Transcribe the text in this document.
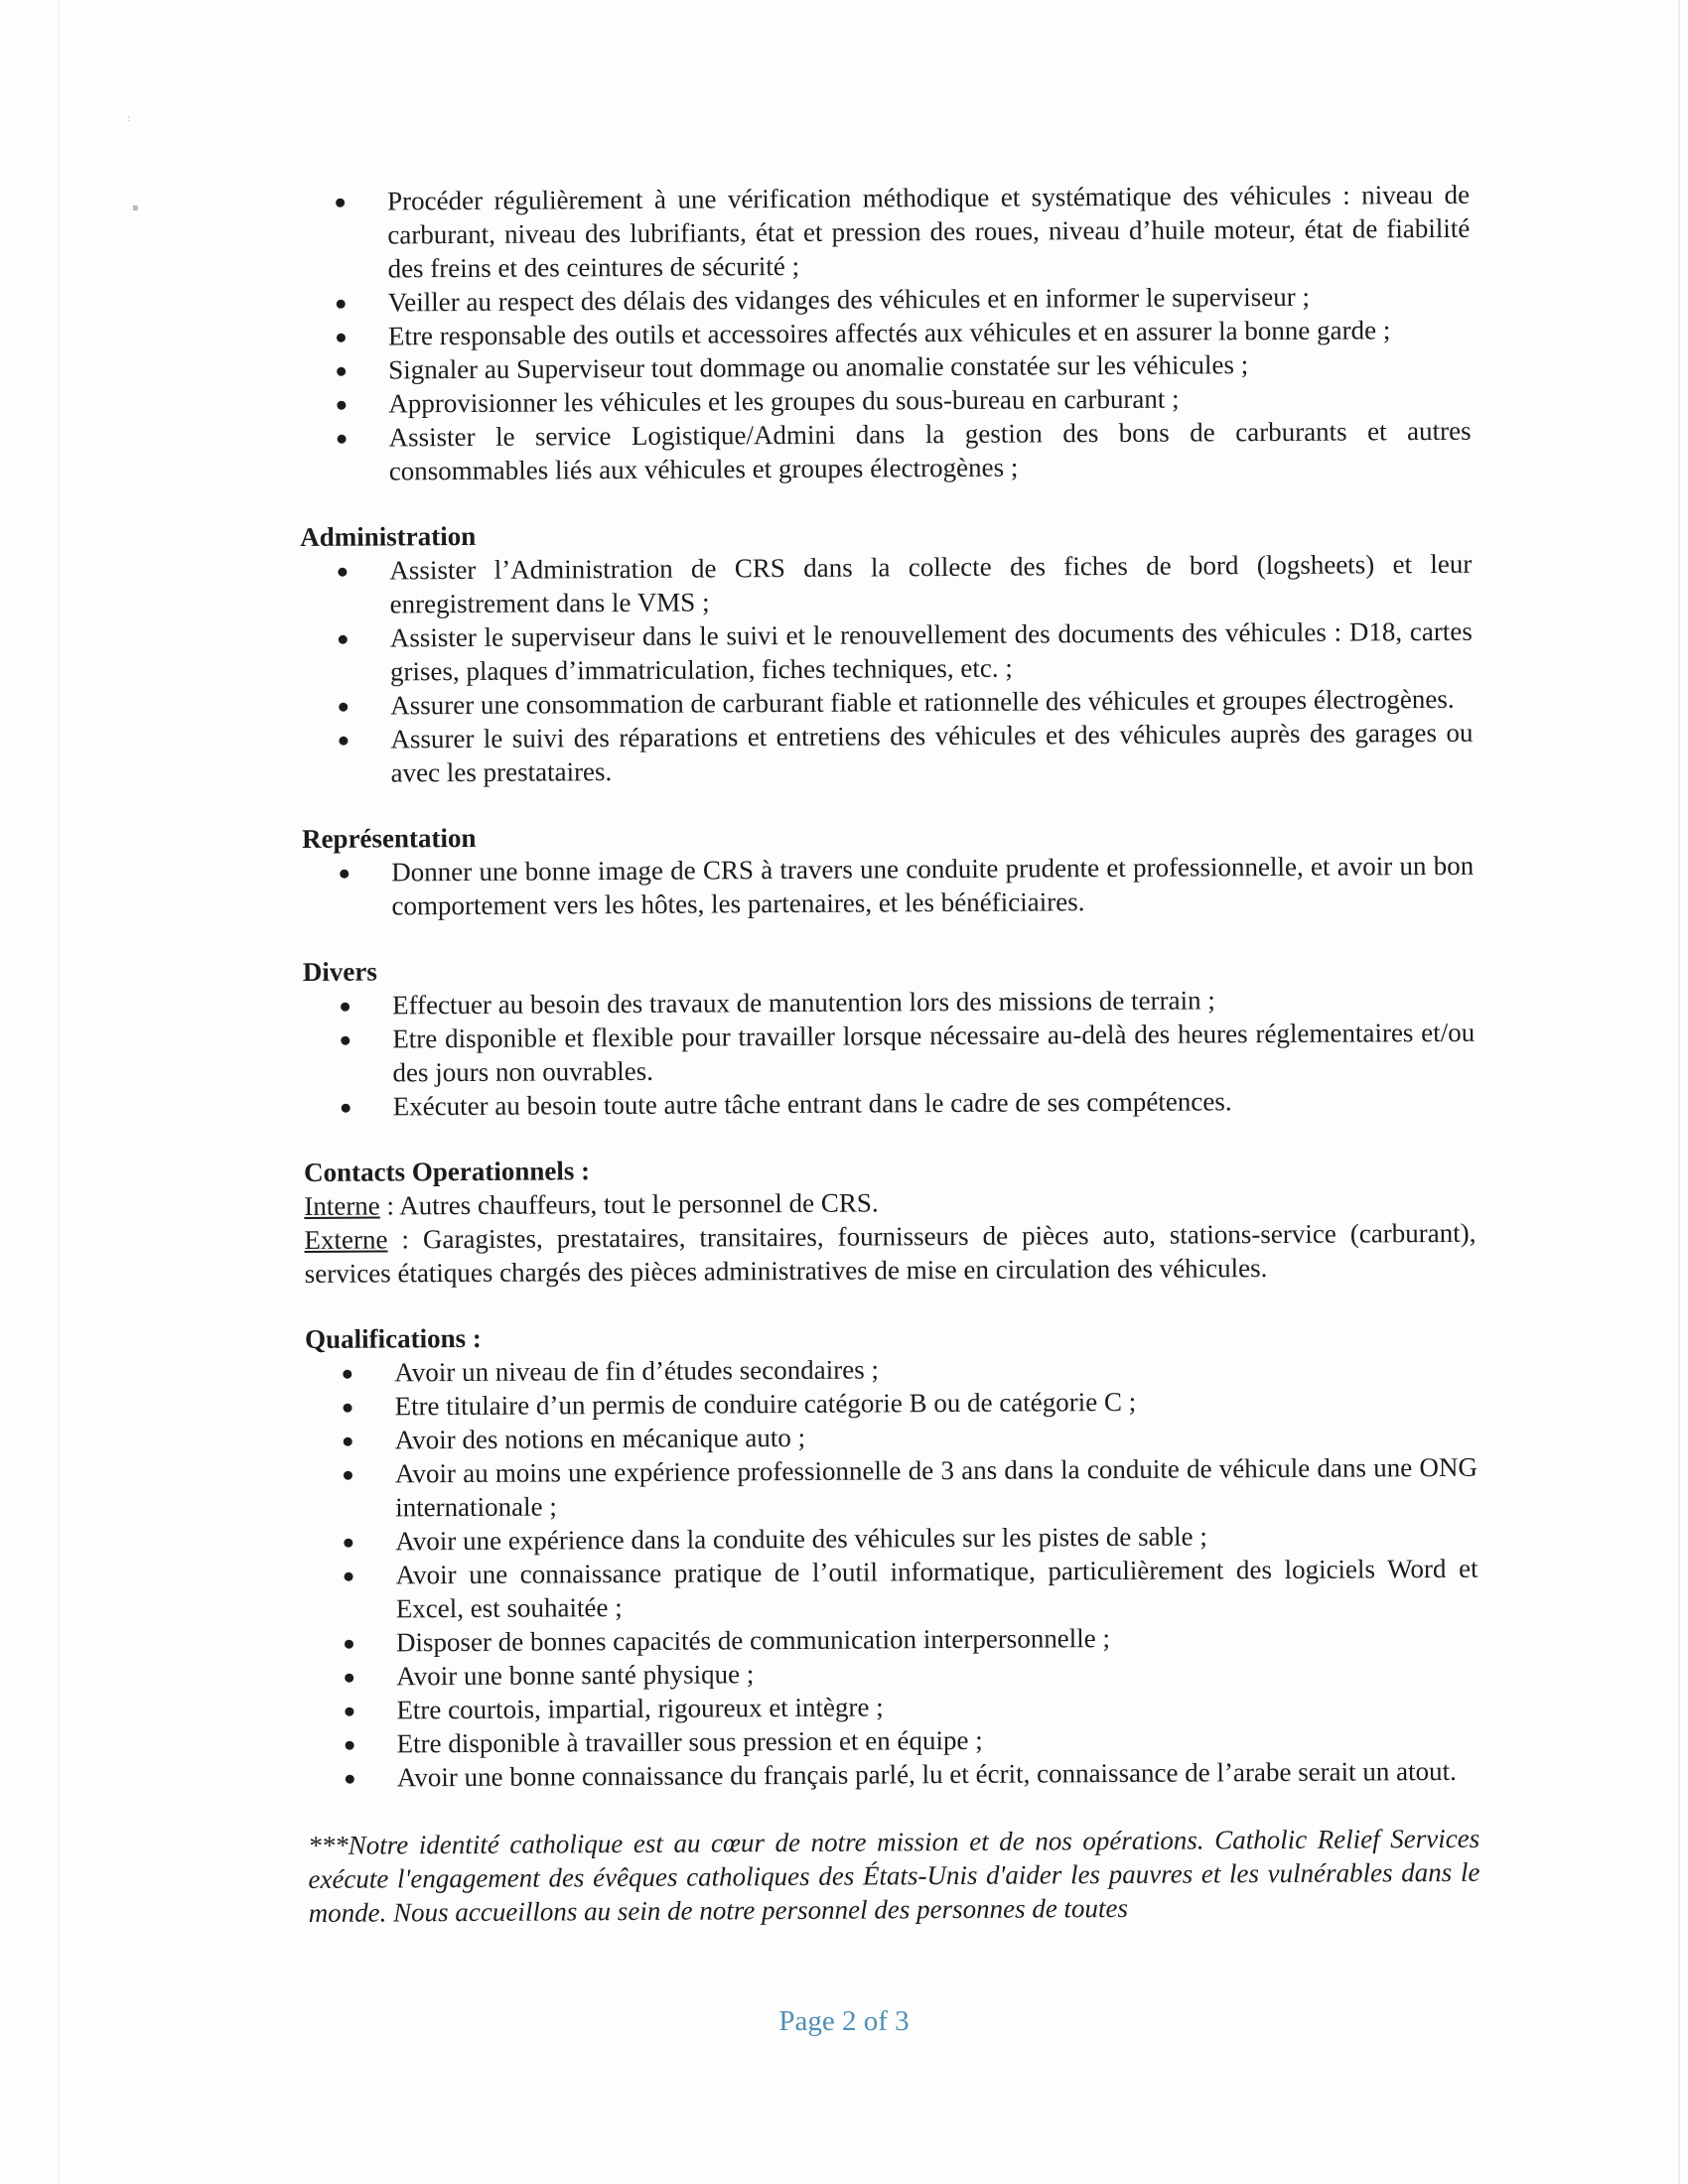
:
▪	Procéder régulièrement à une vérification méthodique et systématique des véhicules : niveau de carburant, niveau des lubrifiants, état et pression des roues, niveau d’huile moteur, état de fiabilité des freins et des ceintures de sécurité ;
Veiller au respect des délais des vidanges des véhicules et en informer le superviseur ;
Etre responsable des outils et accessoires affectés aux véhicules et en assurer la bonne garde ;
Signaler au Superviseur tout dommage ou anomalie constatée sur les véhicules ;
Approvisionner les véhicules et les groupes du sous-bureau en carburant ;
Assister le service Logistique/Admini dans la gestion des bons de carburants et autres consommables liés aux véhicules et groupes électrogènes ;

Administration

Assister l’Administration de CRS dans la collecte des fiches de bord (logsheets) et leur enregistrement dans le VMS ;
Assister le superviseur dans le suivi et le renouvellement des documents des véhicules : D18, cartes grises, plaques d’immatriculation, fiches techniques, etc. ;
Assurer une consommation de carburant fiable et rationnelle des véhicules et groupes électrogènes.
Assurer le suivi des réparations et entretiens des véhicules et des véhicules auprès des garages ou avec les prestataires.

Représentation

Donner une bonne image de CRS à travers une conduite prudente et professionnelle, et avoir un bon comportement vers les hôtes, les partenaires, et les bénéficiaires.

Divers

Effectuer au besoin des travaux de manutention lors des missions de terrain ;
Etre disponible et flexible pour travailler lorsque nécessaire au-delà des heures réglementaires et/ou des jours non ouvrables.
Exécuter au besoin toute autre tâche entrant dans le cadre de ses compétences.

Contacts Operationnels :

Interne : Autres chauffeurs, tout le personnel de CRS.

Externe : Garagistes, prestataires, transitaires, fournisseurs de pièces auto, stations-service (carburant), services étatiques chargés des pièces administratives de mise en circulation des véhicules.

Qualifications :

Avoir un niveau de fin d’études secondaires ;
Etre titulaire d’un permis de conduire catégorie B ou de catégorie C ;
Avoir des notions en mécanique auto ;
Avoir au moins une expérience professionnelle de 3 ans dans la conduite de véhicule dans une ONG internationale ;
Avoir une expérience dans la conduite des véhicules sur les pistes de sable ;
Avoir une connaissance pratique de l’outil informatique, particulièrement des logiciels Word et Excel, est souhaitée ;
Disposer de bonnes capacités de communication interpersonnelle ;
Avoir une bonne santé physique ;
Etre courtois, impartial, rigoureux et intègre ;
Etre disponible à travailler sous pression et en équipe ;
Avoir une bonne connaissance du français parlé, lu et écrit, connaissance de l’arabe serait un atout.

***Notre identité catholique est au cœur de notre mission et de nos opérations. Catholic Relief Services exécute l'engagement des évêques catholiques des États-Unis d'aider les pauvres et les vulnérables dans le monde. Nous accueillons au sein de notre personnel des personnes de toutes

Page 2 of 3
